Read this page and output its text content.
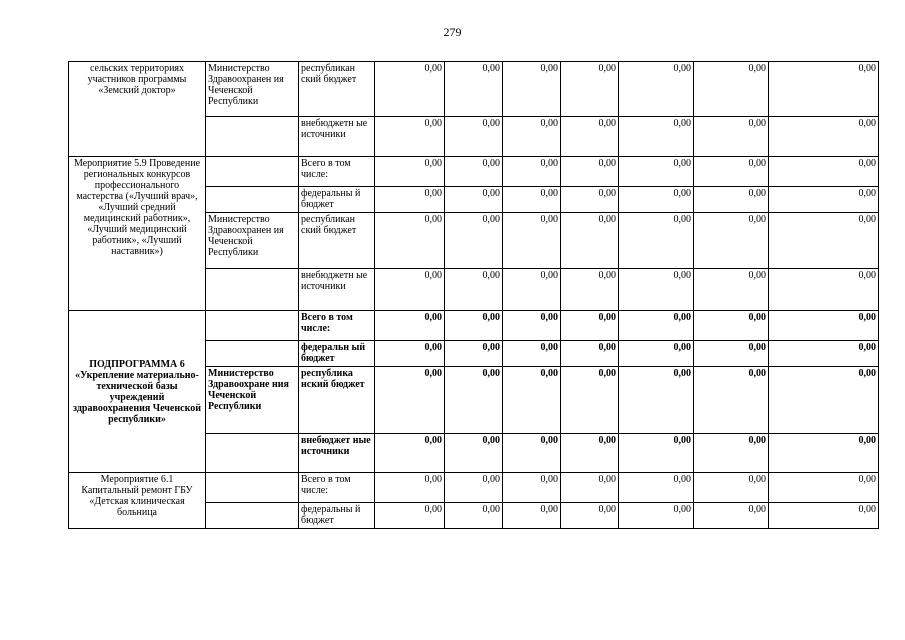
279
сельских территориях участников программы «Земский доктор»	Министерство Здравоохранен ия Чеченской Республики	республикан ский бюджет	0,00	0,00	0,00	0,00	0,00	0,00	0,00
		внебюджетн ые источники	0,00	0,00	0,00	0,00	0,00	0,00	0,00
Мероприятие 5.9 Проведение региональных конкурсов профессионального мастерства («Лучший врач», «Лучший средний медицинский работник», «Лучший медицинский работник», «Лучший наставник»)		Всего в том числе:	0,00	0,00	0,00	0,00	0,00	0,00	0,00
		федеральны й бюджет	0,00	0,00	0,00	0,00	0,00	0,00	0,00
	Министерство Здравоохранен ия Чеченской Республики	республикан ский бюджет	0,00	0,00	0,00	0,00	0,00	0,00	0,00
		внебюджетн ые источники	0,00	0,00	0,00	0,00	0,00	0,00	0,00
ПОДПРОГРАММА 6 «Укрепление материально-технической базы учреждений здравоохранения Чеченской республики»		Всего в том числе:	0,00	0,00	0,00	0,00	0,00	0,00	0,00
		федеральн ый бюджет	0,00	0,00	0,00	0,00	0,00	0,00	0,00
	Министерство Здравоохране ния Чеченской Республики	республика нский бюджет	0,00	0,00	0,00	0,00	0,00	0,00	0,00
		внебюджет ные источники	0,00	0,00	0,00	0,00	0,00	0,00	0,00
Мероприятие 6.1 Капитальный ремонт ГБУ «Детская клиническая больница		Всего в том числе:	0,00	0,00	0,00	0,00	0,00	0,00	0,00
		федеральны й бюджет	0,00	0,00	0,00	0,00	0,00	0,00	0,00
